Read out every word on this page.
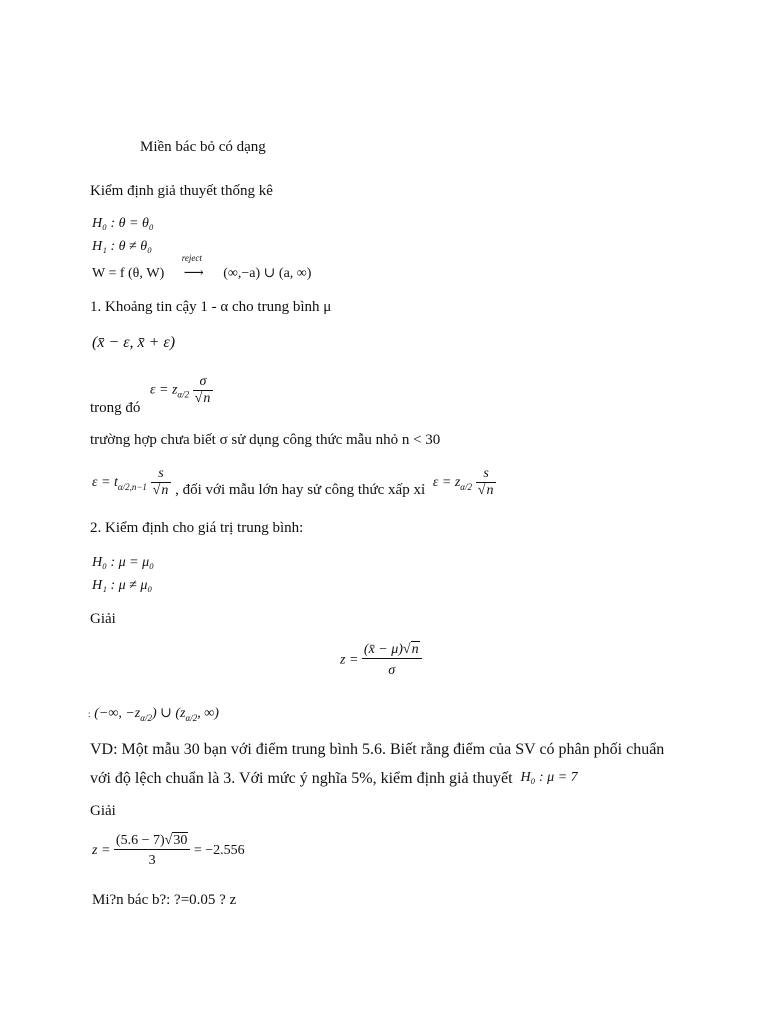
Miền bác bỏ có dạng
Kiểm định giả thuyết thống kê
H₀ : θ = θ₀
H₁ : θ ≠ θ₀
W = f (θ, W)
reject
⟶ (∞,−a) ∪ (a, ∞)
1. Khoảng tin cậy 1 - α cho trung bình μ
(x̄ − ε, x̄ + ε)
$\varepsilon = z_{\alpha/2} \frac{\sigma}{√n}$
trong đó
trường hợp chưa biết σ sử dụng công thức mẫu nhỏ n < 30
$\varepsilon = t_{\alpha/2,n-1} \frac{s}{√n}$ , đối với mẫu lớn hay sử công thức xấp xỉ $\varepsilon = z_{\alpha/2} \frac{s}{√n}$
2. Kiểm định cho giá trị trung bình:
H₀ : μ = μ₀
H₁ : μ ≠ μ₀
Giải
$z = \frac{(x̄ - \mu)√n}{\sigma}$
: (−∞, $-z_{\alpha/2}$) ∪ ($z_{\alpha/2}$, ∞)
VD: Một mẫu 30 bạn với điểm trung bình 5.6. Biết rằng điểm của SV có phân phối chuẩn
với độ lệch chuẩn là 3. Với mức ý nghĩa 5%, kiểm định giả thuyết H₀ : μ = 7
Giải
$z = \frac{(5.6 - 7)√30}{3} = -2.556$
Mi?n bác b?: ?=0.05 ? z
